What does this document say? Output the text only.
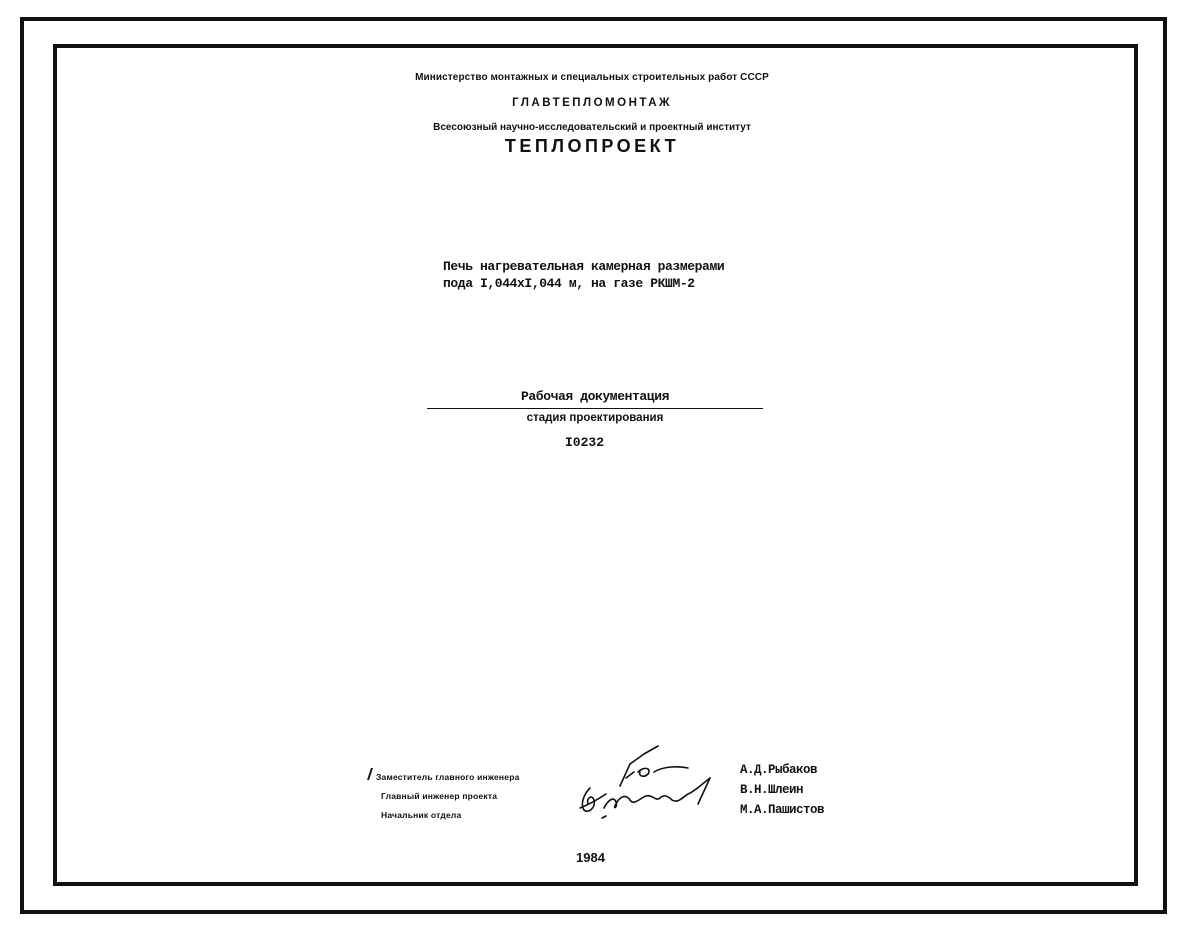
Министерство монтажных и специальных строительных работ СССР
ГЛАВТЕПЛОМОНТАЖ
Всесоюзный научно-исследовательский и проектный институт
ТЕПЛОПРОЕКТ
Печь нагревательная камерная размерами
пода I,044xI,044 м, на газе РКШМ-2
Рабочая документация
стадия проектирования
I0232
Заместитель главного инженера
Главный инженер проекта
Начальник отдела
А.Д.Рыбаков
В.Н.Шлеин
М.А.Пашистов
1984
